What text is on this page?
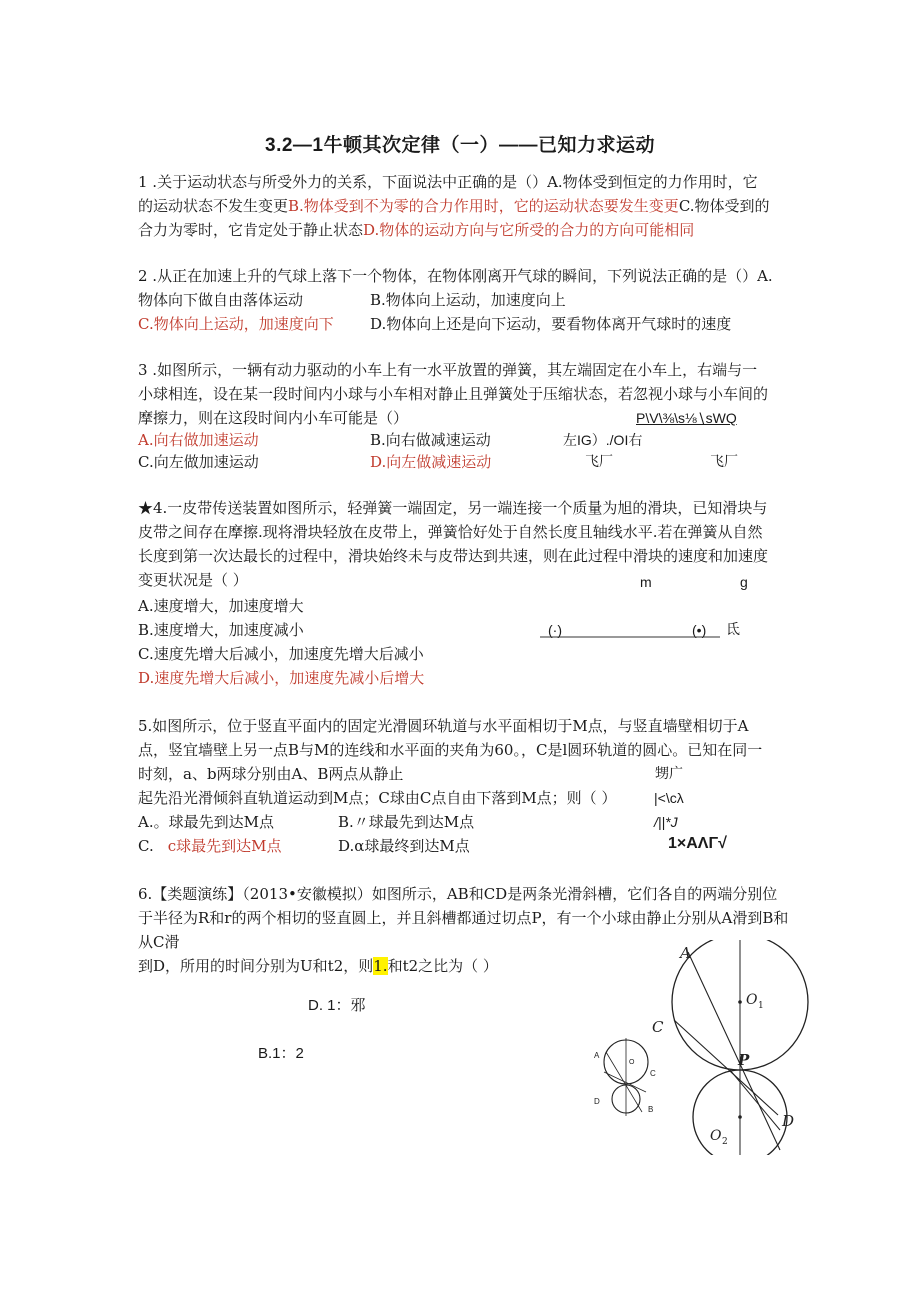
3.2—1牛顿其次定律（一）——已知力求运动
1 .关于运动状态与所受外力的关系，下面说法中正确的是（）A.物体受到恒定的力作用时，它
的运动状态不发生变更B.物体受到不为零的合力作用时，它的运动状态要发生变更C.物体受到的
合力为零时，它肯定处于静止状态D.物体的运动方向与它所受的合力的方向可能相同
2 .从正在加速上升的气球上落下一个物体，在物体刚离开气球的瞬间，下列说法正确的是（）A.
物体向下做自由落体运动	B.物体向上运动，加速度向上
C.物体向上运动，加速度向下 D.物体向上还是向下运动，要看物体离开气球时的速度
3 .如图所示，一辆有动力驱动的小车上有一水平放置的弹簧，其左端固定在小车上，右端与一
小球相连，设在某一段时间内小球与小车相对静止且弹簧处于压缩状态，若忽视小球与小车间的
摩擦力，则在这段时间内小车可能是（）	P\V\⅜\s⅛∖sWQ
A.向右做加速运动	B.向右做减速运动	左IG）./OI右
C.向左做加速运动	D.向左做减速运动	飞厂	飞厂
★4.一皮带传送装置如图所示，轻弹簧一端固定，另一端连接一个质量为旭的滑块，已知滑块与
皮带之间存在摩擦.现将滑块轻放在皮带上，弹簧恰好处于自然长度且轴线水平.若在弹簧从自然
长度到第一次达最长的过程中，滑块始终未与皮带达到共速，则在此过程中滑块的速度和加速度
变更状况是（ ）	m	g
A.速度增大，加速度增大
B.速度增大，加速度减小	(·)	(•) 氐
C.速度先增大后减小，加速度先增大后减小
D.速度先增大后减小，加速度先减小后增大
5.如图所示，位于竖直平面内的固定光滑圆环轨道与水平面相切于M点，与竖直墙壁相切于A
点，竖宜墙壁上另一点B与M的连线和水平面的夹角为60。，C是l圆环轨道的圆心。已知在同一
时刻，a、b两球分别由A、B两点从静止	甥广
起先沿光滑倾斜直轨道运动到M点；C球由C点自由下落到M点；则（ ）	|<\cλ
A.。球最先到达M点	B.〃球最先到达M点	/||*J
C. c球最先到达M点	D.α球最终到达M点	1×AΛΓ√
6.【类题演练】（2013•安徽模拟）如图所示，AB和CD是两条光滑斜槽，它们各自的两端分别位
于半径为R和r的两个相切的竖直圆上，并且斜槽都通过切点P，有一个小球由静止分别从A滑到B和
从C滑
到D，所用的时间分别为U和t2，则1.和t2之比为（ ）
D. 1：邪
B.1：2
A
C
O 1
P
O 2
D
A
C
D
B
O
